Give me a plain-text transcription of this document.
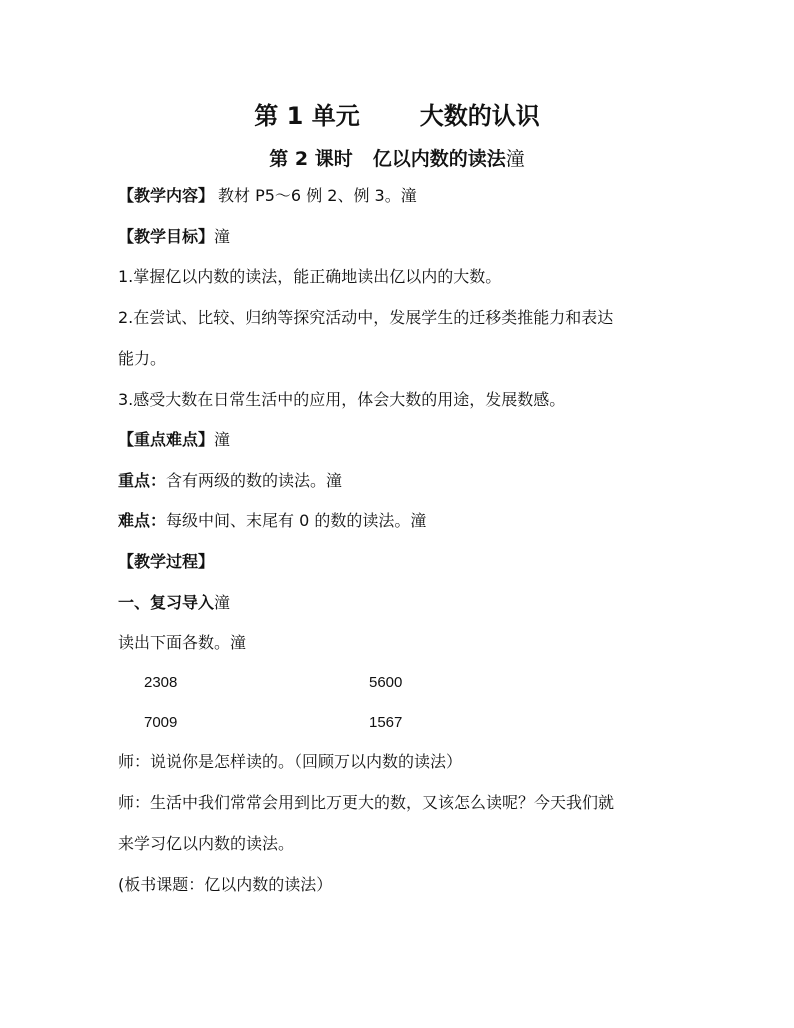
第 1 单元	大数的认识
第 2 课时 亿以内数的读法潼
【教学内容】 教材 P5～6 例 2、例 3。潼
【教学目标】潼
1.掌握亿以内数的读法，能正确地读出亿以内的大数。
2.在尝试、比较、归纳等探究活动中，发展学生的迁移类推能力和表达
能力。
3.感受大数在日常生活中的应用，体会大数的用途，发展数感。
【重点难点】潼
重点：含有两级的数的读法。潼
难点：每级中间、末尾有 0 的数的读法。潼
【教学过程】
一、复习导入潼
读出下面各数。潼
2308	5600
7009	1567
师：说说你是怎样读的。（回顾万以内数的读法）
师：生活中我们常常会用到比万更大的数，又该怎么读呢？今天我们就
来学习亿以内数的读法。
(板书课题：亿以内数的读法）
